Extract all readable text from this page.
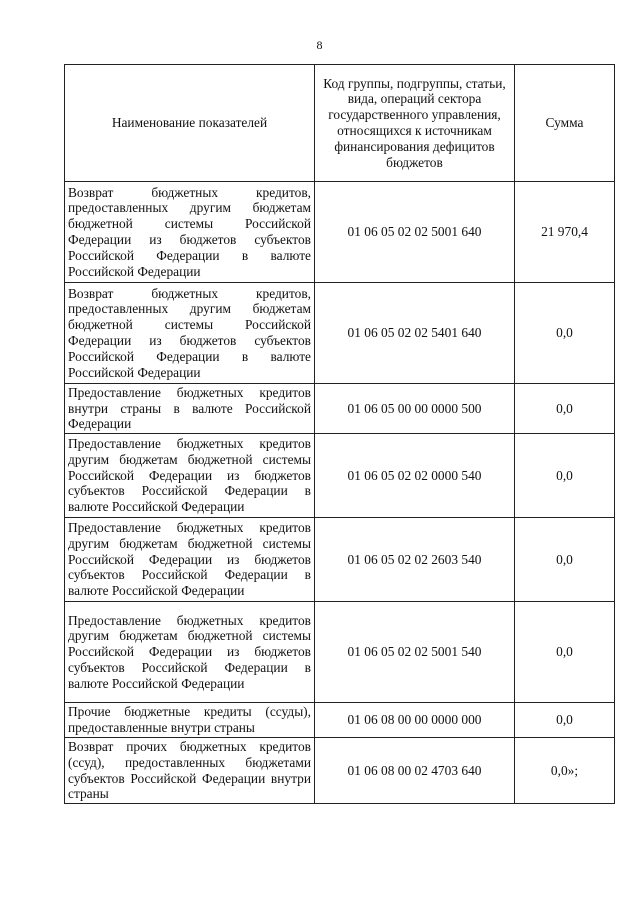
8
Наименование показателей	Код группы, подгруппы, статьи, вида, операций сектора государственного управления, относящихся к источникам финансирования дефицитов бюджетов	Сумма
Возврат бюджетных кредитов, предоставленных другим бюджетам бюджетной системы Российской Федерации из бюджетов субъектов Российской Федерации в валюте Российской Федерации	01 06 05 02 02 5001 640	21 970,4
Возврат бюджетных кредитов, предоставленных другим бюджетам бюджетной системы Российской Федерации из бюджетов субъектов Российской Федерации в валюте Российской Федерации	01 06 05 02 02 5401 640	0,0
Предоставление бюджетных кредитов внутри страны в валюте Российской Федерации	01 06 05 00 00 0000 500	0,0
Предоставление бюджетных кредитов другим бюджетам бюджетной системы Российской Федерации из бюджетов субъектов Российской Федерации в валюте Российской Федерации	01 06 05 02 02 0000 540	0,0
Предоставление бюджетных кредитов другим бюджетам бюджетной системы Российской Федерации из бюджетов субъектов Российской Федерации в валюте Российской Федерации	01 06 05 02 02 2603 540	0,0
Предоставление бюджетных кредитов другим бюджетам бюджетной системы Российской Федерации из бюджетов субъектов Российской Федерации в валюте Российской Федерации	01 06 05 02 02 5001 540	0,0
Прочие бюджетные кредиты (ссуды), предоставленные внутри страны	01 06 08 00 00 0000 000	0,0
Возврат прочих бюджетных кредитов (ссуд), предоставленных бюджетами субъектов Российской Федерации внутри страны	01 06 08 00 02 4703 640	0,0»;
